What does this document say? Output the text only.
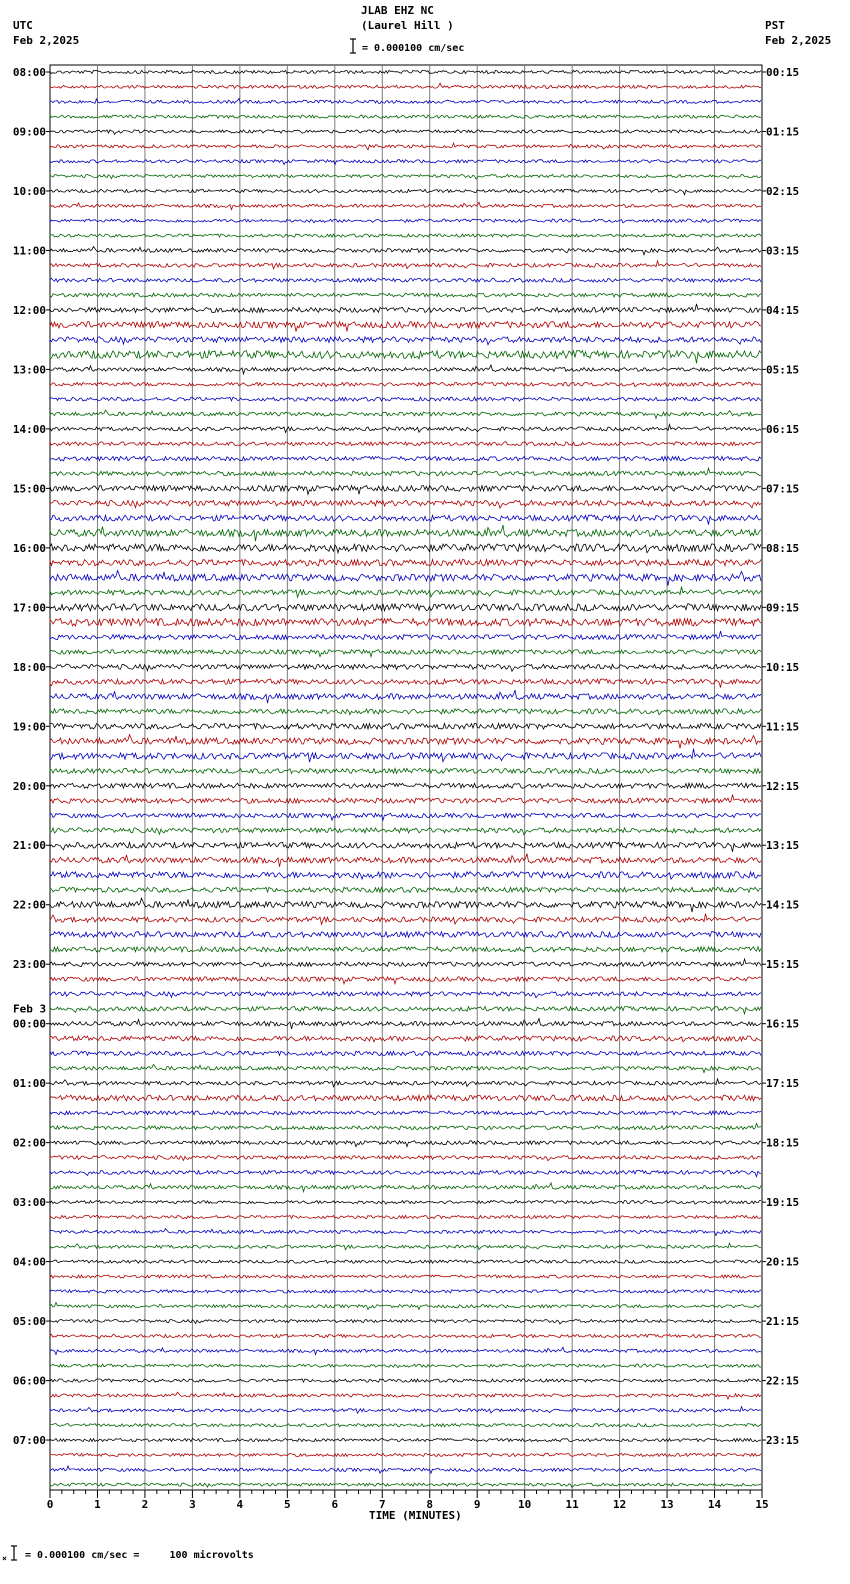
JLAB EHZ NC
(Laurel Hill )
UTC
Feb 2,2025
PST
Feb 2,2025
= 0.000100 cm/sec
08:00	00:15
09:00	01:15
10:00	02:15
11:00	03:15
12:00	04:15
13:00	05:15
14:00	06:15
15:00	07:15
16:00	08:15
17:00	09:15
18:00	10:15
19:00	11:15
20:00	12:15
21:00	13:15
22:00	14:15
23:00	15:15
00:00	16:15
Feb 3
01:00	17:15
02:00	18:15
03:00	19:15
04:00	20:15
05:00	21:15
06:00	22:15
07:00	23:15
0	1	2	3	4	5	6	7	8	9	10	11	12	13	14	15
TIME (MINUTES)
× = 0.000100 cm/sec =     100 microvolts
